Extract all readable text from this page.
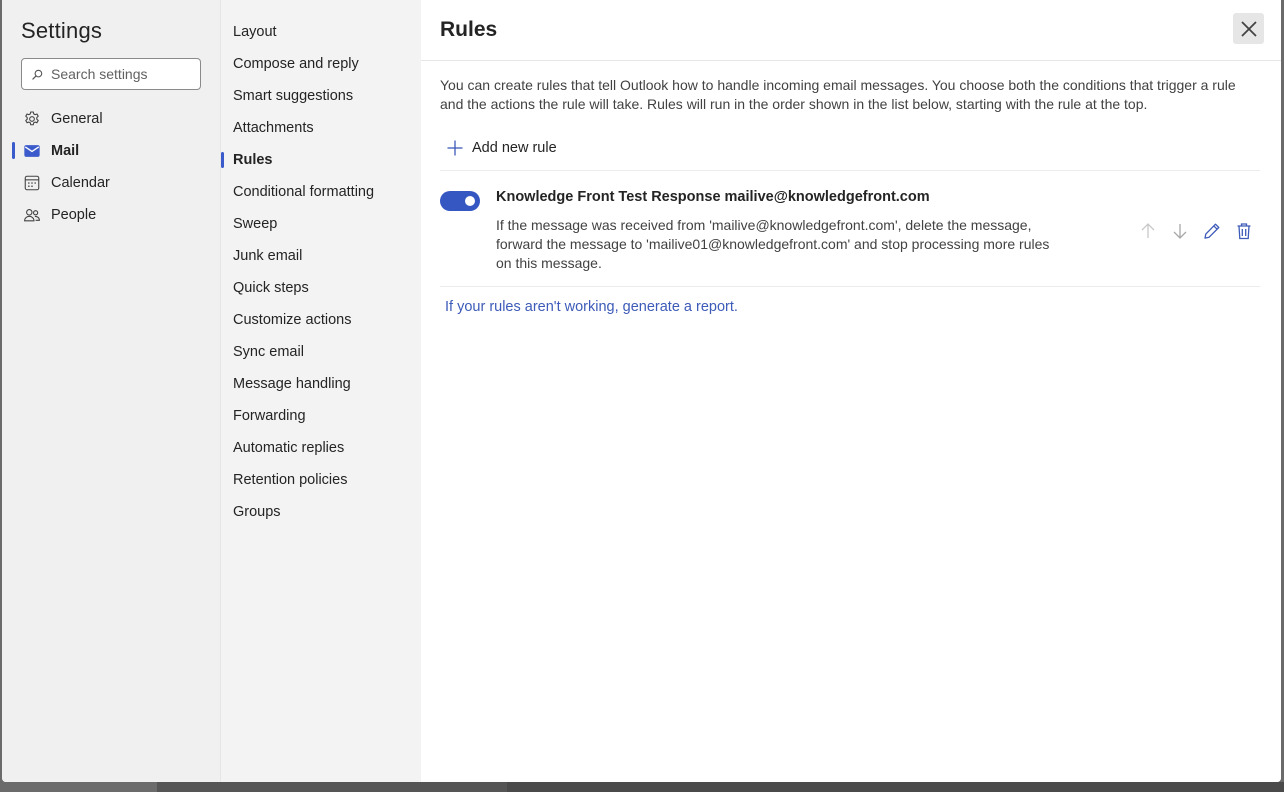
Settings
Search settings
General
Mail
Calendar
People
Layout
Compose and reply
Smart suggestions
Attachments
Rules
Conditional formatting
Sweep
Junk email
Quick steps
Customize actions
Sync email
Message handling
Forwarding
Automatic replies
Retention policies
Groups
Rules

You can create rules that tell Outlook how to handle incoming email messages. You choose both the conditions that trigger a rule and the actions the rule will take. Rules will run in the order shown in the list below, starting with the rule at the top.

Add new rule
Knowledge Front Test Response mailive@knowledgefront.com
If the message was received from 'mailive@knowledgefront.com', delete the message, forward the message to 'mailive01@knowledgefront.com' and stop processing more rules on this message.
If your rules aren't working, generate a report.
